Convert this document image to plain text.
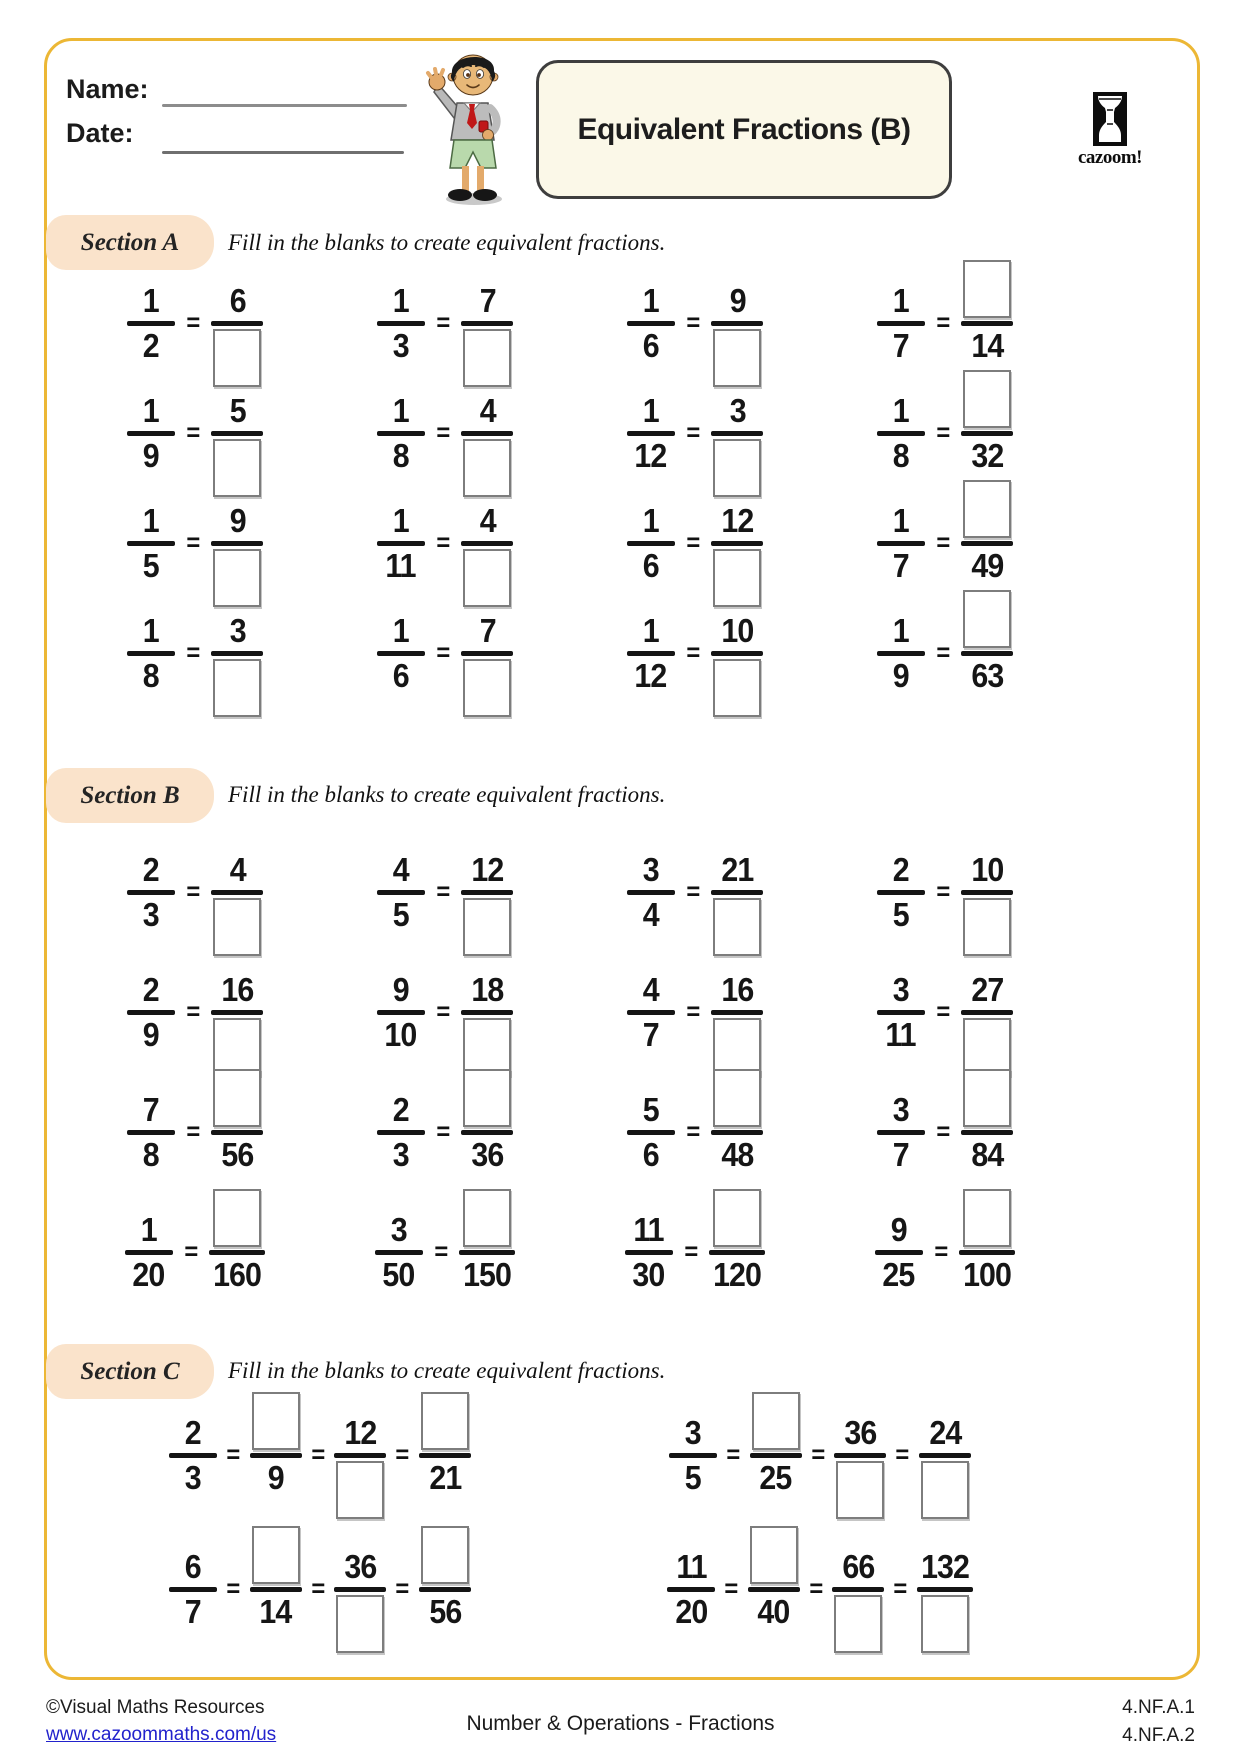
Name:
Date:	Equivalent Fractions (B)
cazoom!
Section A Fill in the blanks to create equivalent fractions.
Section B Fill in the blanks to create equivalent fractions.
Section C Fill in the blanks to create equivalent fractions.
1
2
=
6	1
3
=
7	1
6
=
9	1
7
=
14
1
9
=
5	1
8
=
4	1
12
=
3	1
8
=
32
1
5
=
9	1
11
=
4	1
6
=
12	1
7
=
49
1
8
=
3	1
6
=
7	1
12
=
10	1
9
=
63
2
3
=
4	4
5
=
12	3
4
=
21	2
5
=
10
2
9
=
16	9
10
=
18	4
7
=
16	3
11
=
27
7
8
=
56
2
3
=
36
5
6
=
48
3
7
=
84
1
20
=
160
3
50
=
150
11
30
=
120
9
25
=
100
2
3
=
9
=
12
=
21
3
5
=
25
=
36
=
24
6
7
=
14
=
36
=
56
11
20
=
40
=
66
=
132
©Visual Maths Resources
www.cazoommaths.com/us	Number & Operations - Fractions
4.NF.A.1
4.NF.A.2
